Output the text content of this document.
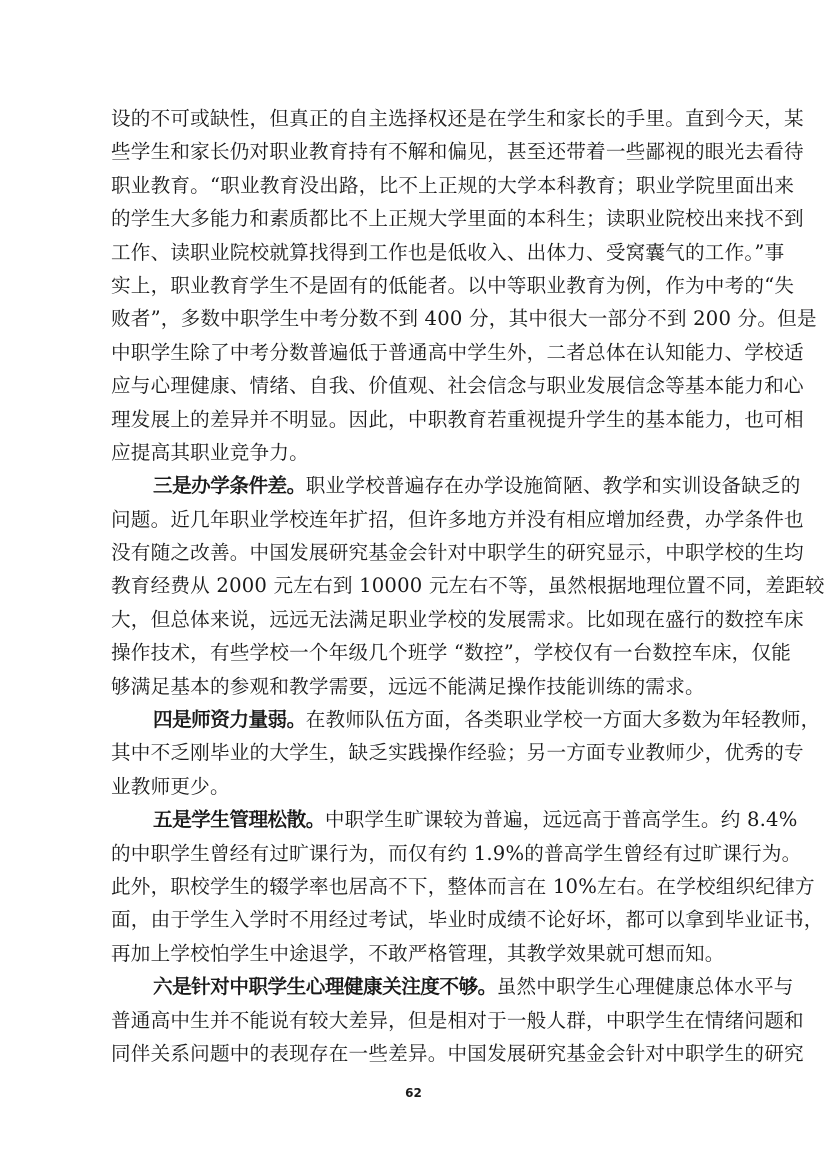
设的不可或缺性，但真正的自主选择权还是在学生和家长的手里。直到今天，某
些学生和家长仍对职业教育持有不解和偏见，甚至还带着一些鄙视的眼光去看待
职业教育。“职业教育没出路，比不上正规的大学本科教育；职业学院里面出来
的学生大多能力和素质都比不上正规大学里面的本科生；读职业院校出来找不到
工作、读职业院校就算找得到工作也是低收入、出体力、受窝囊气的工作。”事
实上，职业教育学生不是固有的低能者。以中等职业教育为例，作为中考的“失
败者”，多数中职学生中考分数不到 400 分，其中很大一部分不到 200 分。但是
中职学生除了中考分数普遍低于普通高中学生外，二者总体在认知能力、学校适
应与心理健康、情绪、自我、价值观、社会信念与职业发展信念等基本能力和心
理发展上的差异并不明显。因此，中职教育若重视提升学生的基本能力，也可相
应提高其职业竞争力。
三是办学条件差。职业学校普遍存在办学设施简陋、教学和实训设备缺乏的
问题。近几年职业学校连年扩招，但许多地方并没有相应增加经费，办学条件也
没有随之改善。中国发展研究基金会针对中职学生的研究显示，中职学校的生均
教育经费从 2000 元左右到 10000 元左右不等，虽然根据地理位置不同，差距较
大，但总体来说，远远无法满足职业学校的发展需求。比如现在盛行的数控车床
操作技术，有些学校一个年级几个班学 “数控”，学校仅有一台数控车床，仅能
够满足基本的参观和教学需要，远远不能满足操作技能训练的需求。
四是师资力量弱。在教师队伍方面，各类职业学校一方面大多数为年轻教师，
其中不乏刚毕业的大学生，缺乏实践操作经验；另一方面专业教师少，优秀的专
业教师更少。
五是学生管理松散。中职学生旷课较为普遍，远远高于普高学生。约 8.4%
的中职学生曾经有过旷课行为，而仅有约 1.9%的普高学生曾经有过旷课行为。
此外，职校学生的辍学率也居高不下，整体而言在 10%左右。在学校组织纪律方
面，由于学生入学时不用经过考试，毕业时成绩不论好坏，都可以拿到毕业证书，
再加上学校怕学生中途退学，不敢严格管理，其教学效果就可想而知。
六是针对中职学生心理健康关注度不够。虽然中职学生心理健康总体水平与
普通高中生并不能说有较大差异，但是相对于一般人群，中职学生在情绪问题和
同伴关系问题中的表现存在一些差异。中国发展研究基金会针对中职学生的研究
62
